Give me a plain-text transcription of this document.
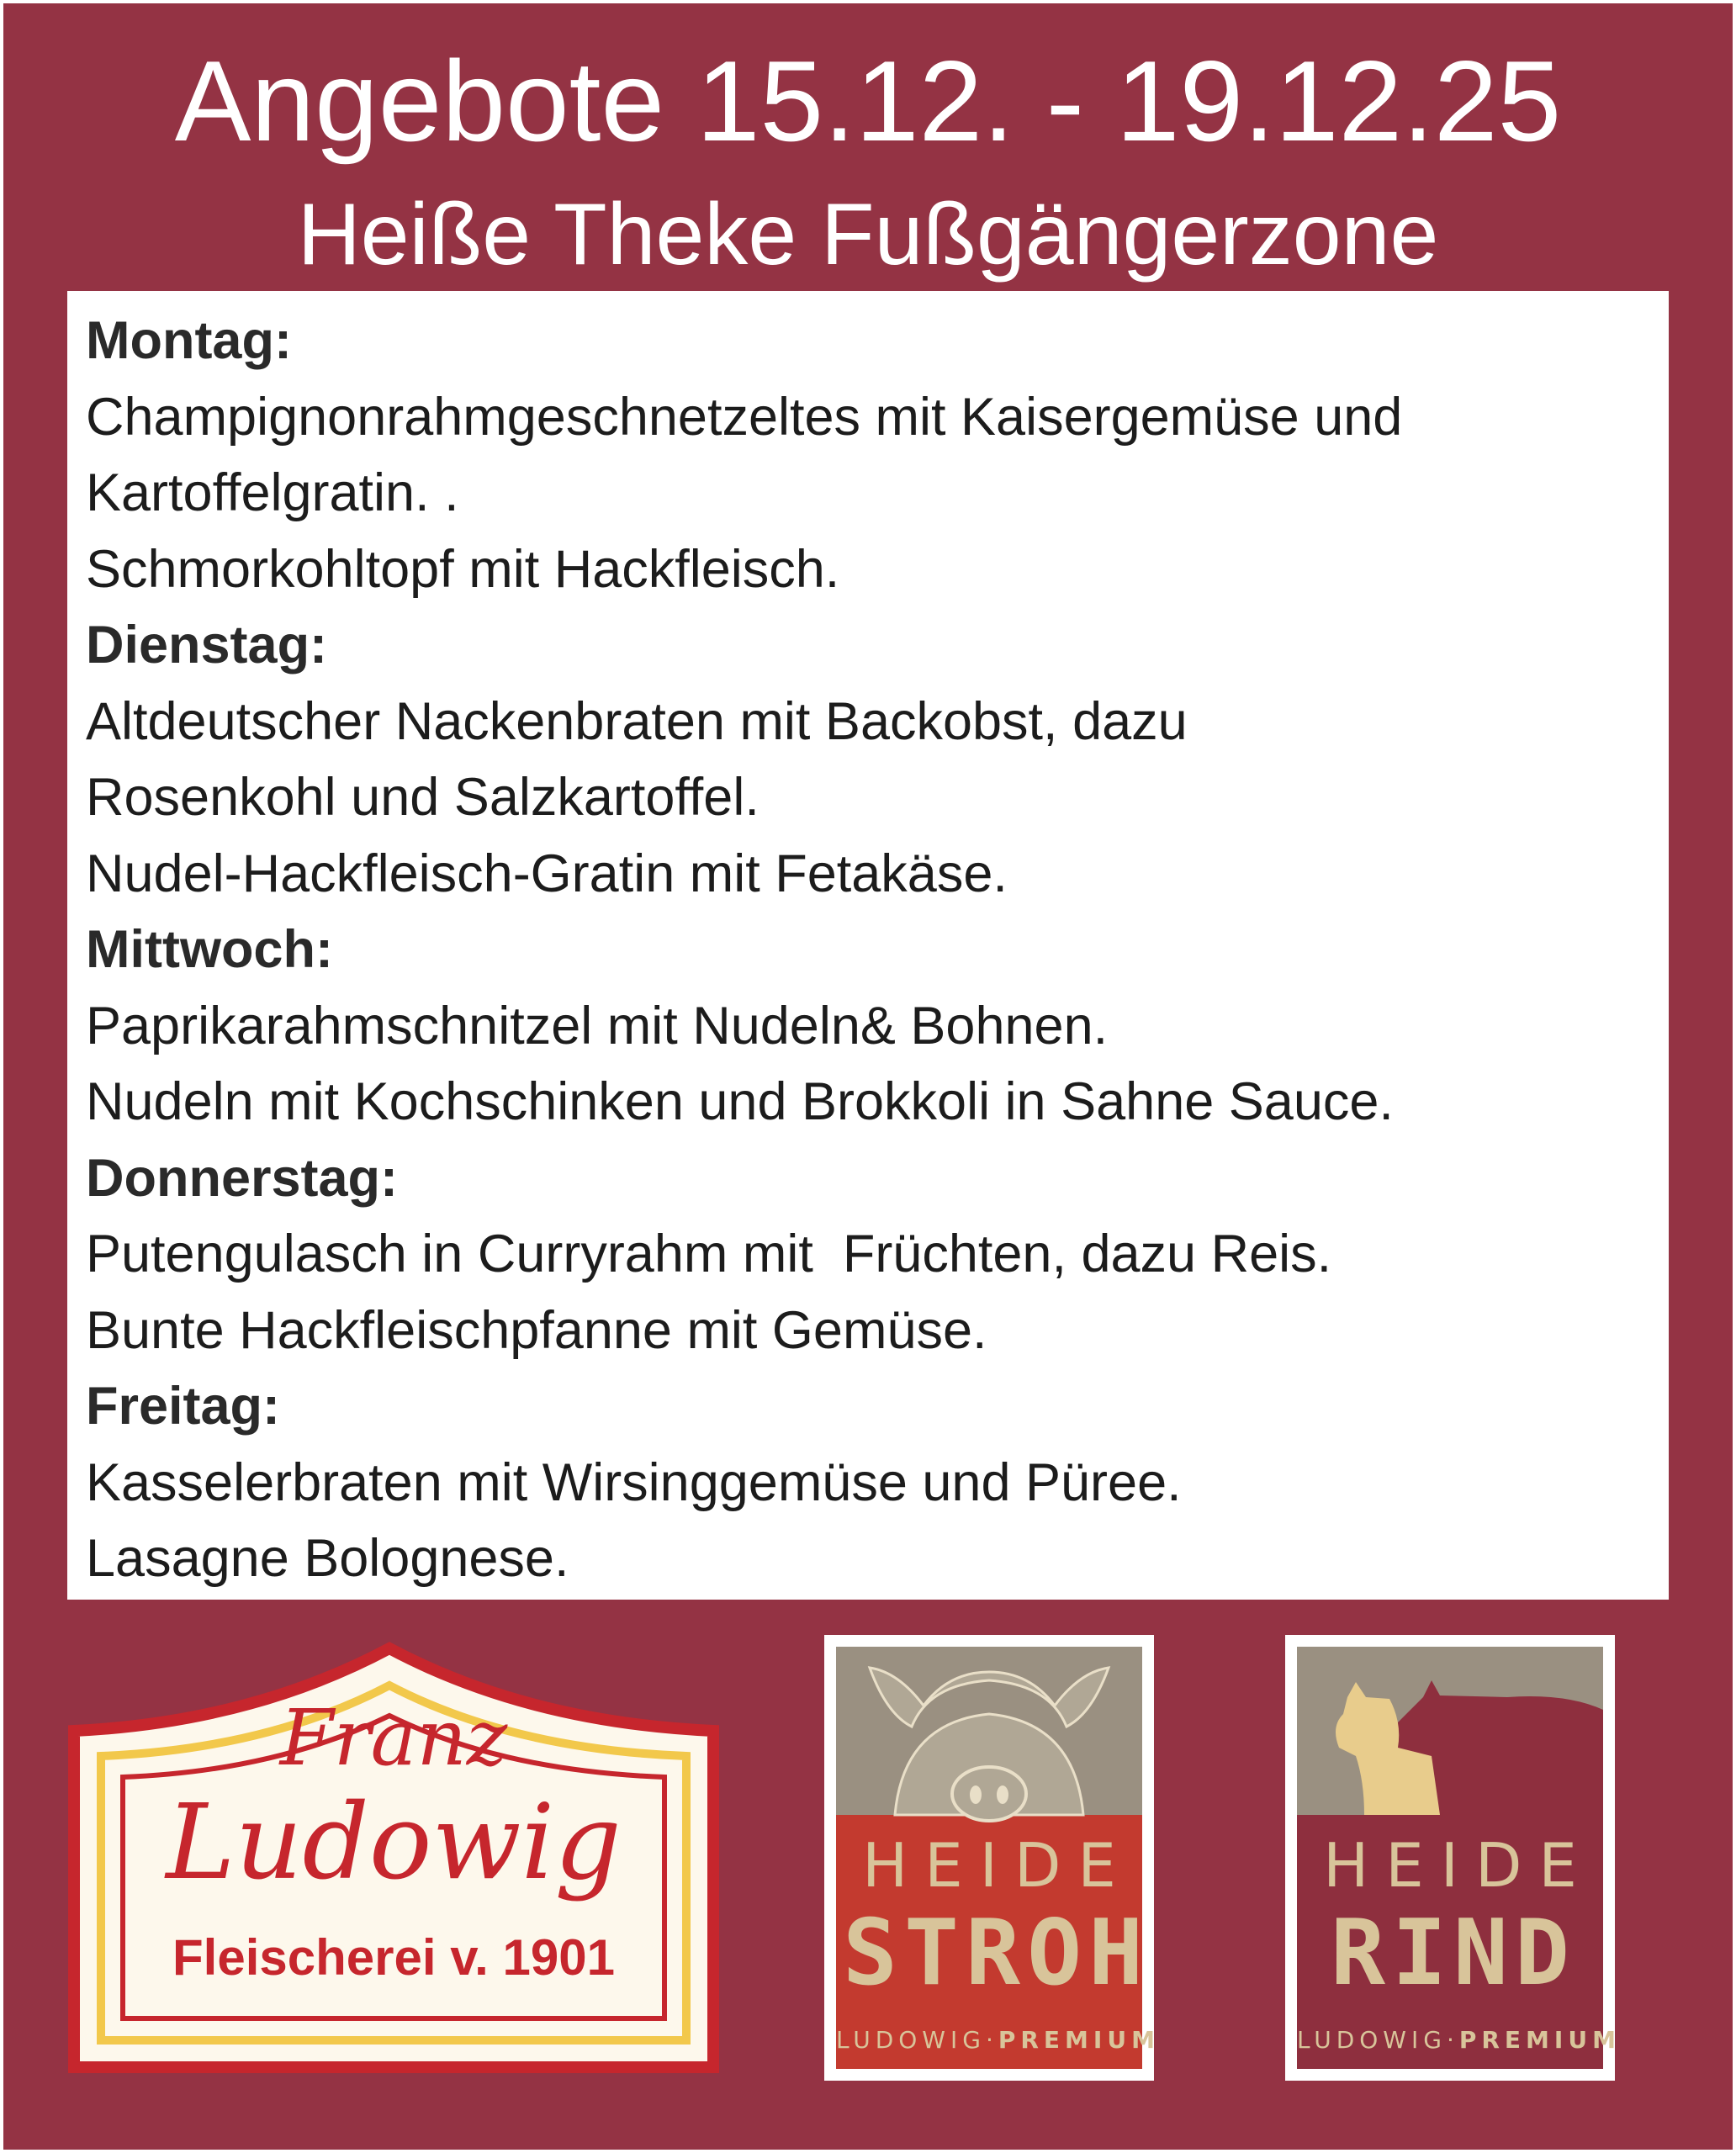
Angebote 15.12. - 19.12.25
Heiße Theke Fußgängerzone
Montag:
Champignonrahmgeschnetzeltes mit Kaisergemüse und
Kartoffelgratin. .
Schmorkohltopf mit Hackfleisch.
Dienstag:
Altdeutscher Nackenbraten mit Backobst, dazu
Rosenkohl und Salzkartoffel.
Nudel-Hackfleisch-Gratin mit Fetakäse.
Mittwoch:
Paprikarahmschnitzel mit Nudeln& Bohnen.
Nudeln mit Kochschinken und Brokkoli in Sahne Sauce.
Donnerstag:
Putengulasch in Curryrahm mit  Früchten, dazu Reis.
Bunte Hackfleischpfanne mit Gemüse.
Freitag:
Kasselerbraten mit Wirsinggemüse und Püree.
Lasagne Bolognese.
Franz
Ludowig
Fleischerei v. 1901
HEIDE
STROH
LUDOWIG·PREMIUM
HEIDE
RIND
LUDOWIG·PREMIUM
